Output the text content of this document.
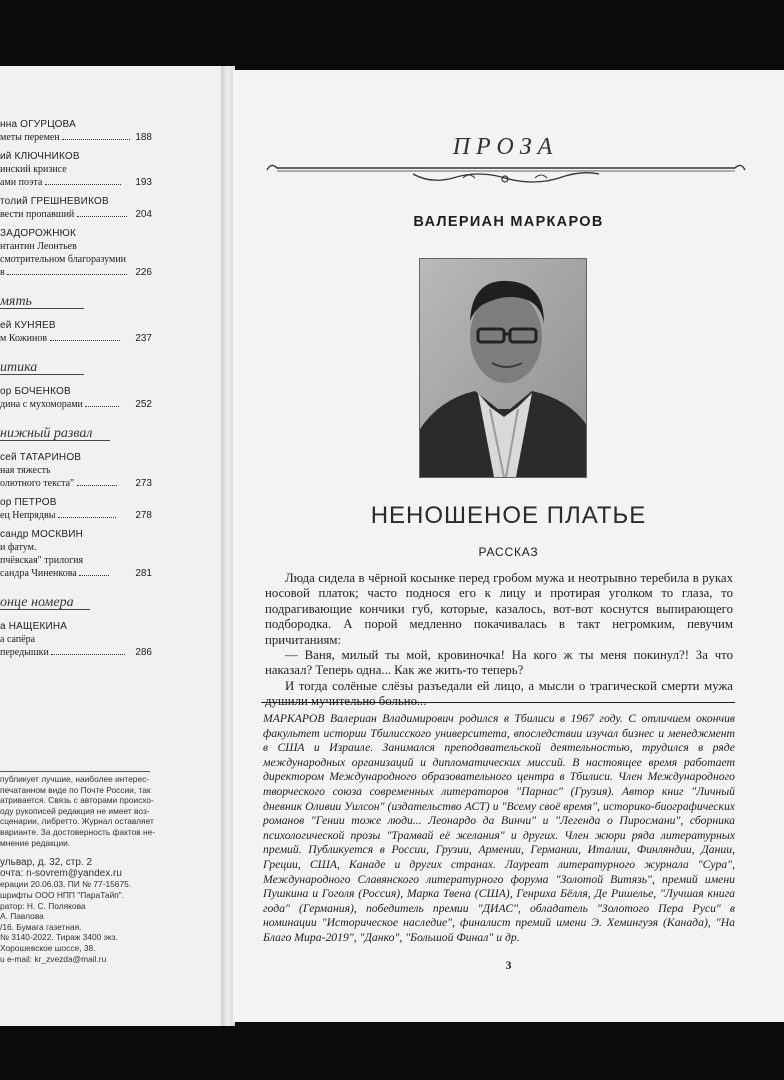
нна ОГУРЦОВА
меты перемен	188
ий КЛЮЧНИКОВ
инский кризисе
ами поэта	193
толий ГРЕШНЕВИКОВ
вести пропавший	204
ЗАДОРОЖНЮК
нтантин Леонтьев
смотрительном благоразумии
в	226
мять
ей КУНЯЕВ
м Кожинов	237
итика
ор БОЧЕНКОВ
дина с мухоморами	252
нижный развал
сей ТАТАРИНОВ
ная тяжесть
олютного текста"	273
ор ПЕТРОВ
ец Непрядвы	278
сандр МОСКВИН
и фатум.
пчёвская" трилогия
сандра Чиненкова	281
онце номера
а НАЩЕКИНА
а сапёра
передышки	286
публикует лучшие, наиболее интерес-
печатанном виде по Почте России, так
атривается. Связь с авторами происхо-
оду рукописей редакция не имеет воз-
сценарии, либретто. Журнал оставляет
варианте. За достоверность фактов не-
мнение редакции.
ульвар, д. 32, стр. 2
очта: n-sovrem@yandex.ru
ерации 20.06.03. ПИ № 77-15675.
шрифты ООО НПП "ПараТайп".
ратор: Н. С. Полякова
А. Павлова
/16. Бумага газетная.
№ 3140-2022. Тираж 3400 экз.
Хорошевское шоссе, 38.
u e-mail: kr_zvezda@mail.ru
ПРОЗА
ВАЛЕРИАН МАРКАРОВ
НЕНОШЕНОЕ ПЛАТЬЕ
РАССКАЗ

Люда сидела в чёрной косынке перед гробом мужа и неотрывно теребила в руках носовой платок; часто поднося его к лицу и протирая уголком то глаза, то подрагивающие кончики губ, которые, казалось, вот-вот коснутся выпирающего подбородка. А порой медленно покачивалась в такт негромким, певучим причитаниям:

— Ваня, милый ты мой, кровиночка! На кого ж ты меня покинул?! За что наказал? Теперь одна... Как же жить-то теперь?

И тогда солёные слёзы разъедали ей лицо, а мысли о трагической смерти мужа душили мучительно больно...

МАРКАРОВ Валериан Владимирович родился в Тбилиси в 1967 году. С отличием окончив факультет истории Тбилисского университета, впоследствии изучал бизнес и менеджмент в США и Израиле. Занимался преподавательской деятельностью, трудился в ряде международных организаций и дипломатических миссий. В настоящее время работает директором Международного образовательного центра в Тбилиси. Член Международного творческого союза современных литераторов "Парнас" (Грузия). Автор книг "Личный дневник Оливии Уилсон" (издательство АСТ) и "Всему своё время", историко-биографических романов "Гении тоже люди... Леонардо да Винчи" и "Легенда о Пиросмани", сборника психологической прозы "Трамвай её желания" и других. Член жюри ряда литературных премий. Публикуется в России, Грузии, Армении, Германии, Италии, Финляндии, Дании, Греции, США, Канаде и других странах. Лауреат литературного журнала "Сура", Международного Славянского литературного форума "Золотой Витязь", премий имени Пушкина и Гоголя (Россия), Марка Твена (США), Генриха Бёлля, Де Ришелье, "Лучшая книга года" (Германия), победитель премии "ДИАС", обладатель "Золотого Пера Руси" в номинации "Историческое наследие", финалист премий имени Э. Хемингуэя (Канада), "На Благо Мира-2019", "Данко", "Большой Финал" и др.

3
